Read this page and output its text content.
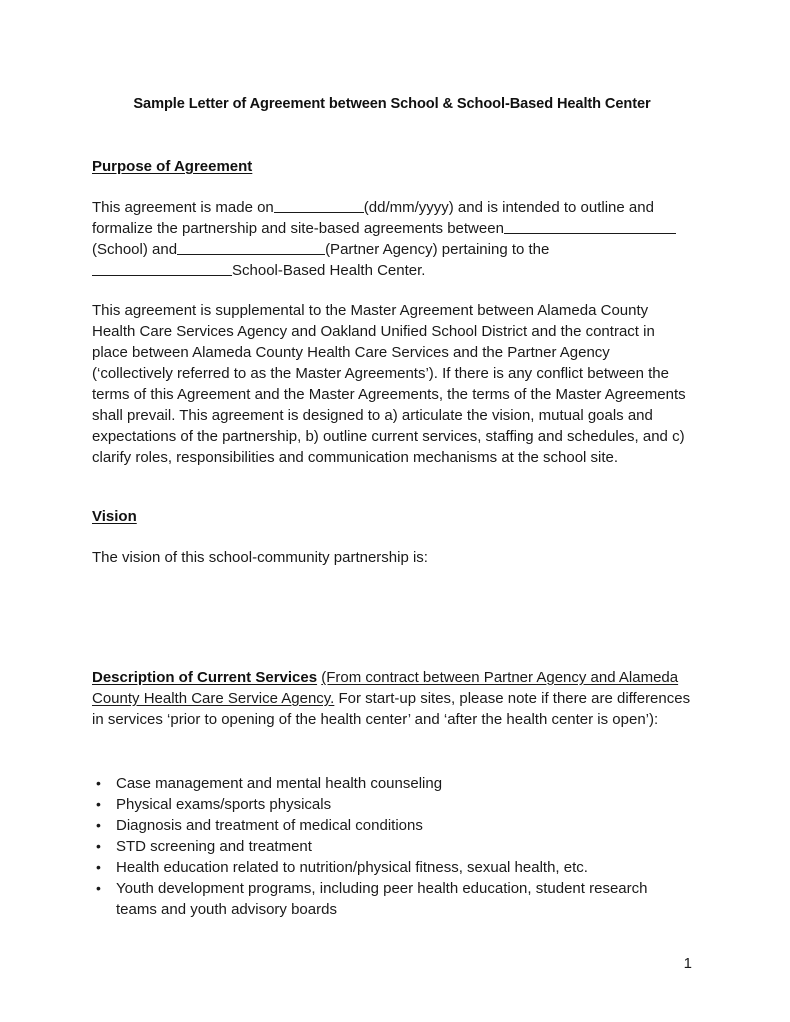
Sample Letter of Agreement between School & School-Based Health Center
Purpose of Agreement
This agreement is made on	(dd/mm/yyyy) and is intended to outline and formalize the partnership and site-based agreements between
(School) and	(Partner Agency) pertaining to the
School-Based Health Center.
This agreement is supplemental to the Master Agreement between Alameda County Health Care Services Agency and Oakland Unified School District and the contract in place between Alameda County Health Care Services and the Partner Agency (‘collectively referred to as the Master Agreements’). If there is any conflict between the terms of this Agreement and the Master Agreements, the terms of the Master Agreements shall prevail. This agreement is designed to a) articulate the vision, mutual goals and expectations of the partnership, b) outline current services, staffing and schedules, and c) clarify roles, responsibilities and communication mechanisms at the school site.
Vision
The vision of this school-community partnership is:
Description of Current Services (From contract between Partner Agency and Alameda County Health Care Service Agency. For start-up sites, please note if there are differences in services ‘prior to opening of the health center’ and ‘after the health center is open’):
• Case management and mental health counseling
• Physical exams/sports physicals
• Diagnosis and treatment of medical conditions
• STD screening and treatment
• Health education related to nutrition/physical fitness, sexual health, etc.
• Youth development programs, including peer health education, student research teams and youth advisory boards
1
